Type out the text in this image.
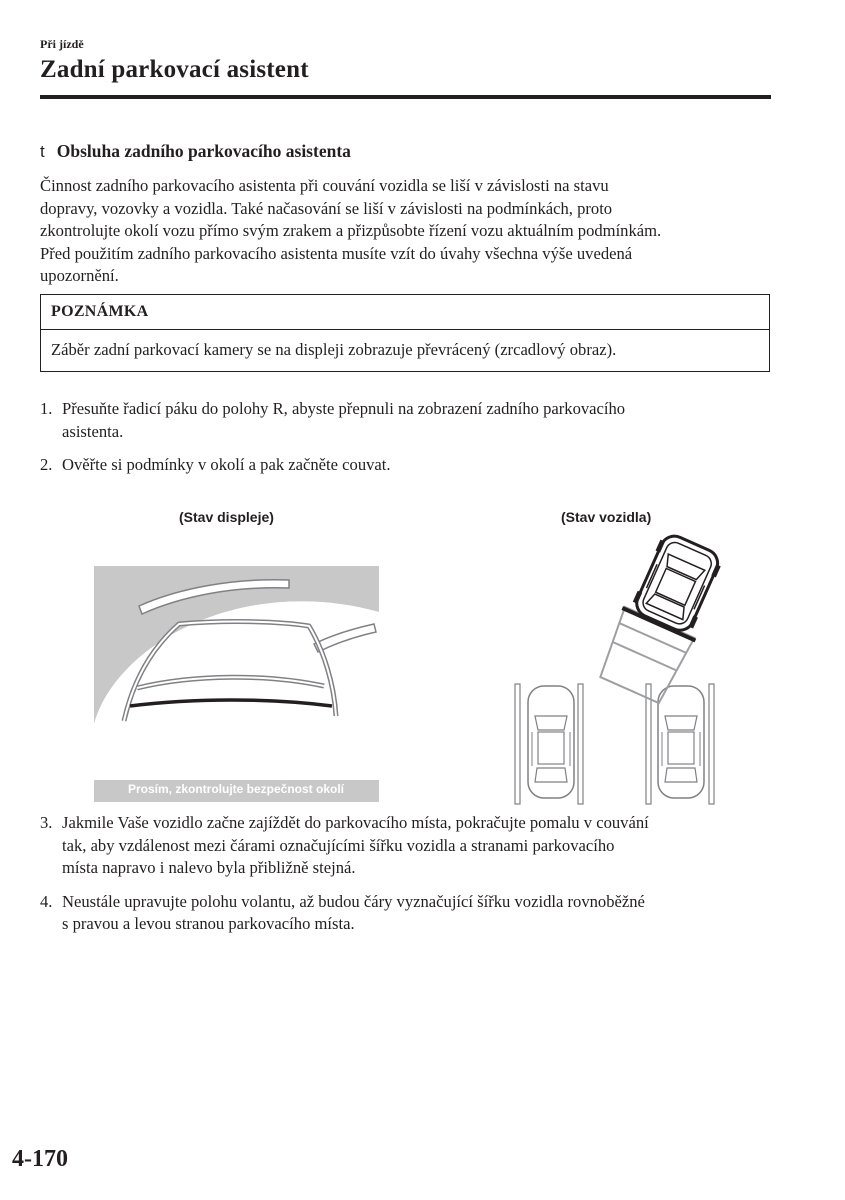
Při jízdě
Zadní parkovací asistent
t Obsluha zadního parkovacího asistenta
Činnost zadního parkovacího asistenta při couvání vozidla se liší v závislosti na stavu
dopravy, vozovky a vozidla. Také načasování se liší v závislosti na podmínkách, proto
zkontrolujte okolí vozu přímo svým zrakem a přizpůsobte řízení vozu aktuálním podmínkám.
Před použitím zadního parkovacího asistenta musíte vzít do úvahy všechna výše uvedená
upozornění.
POZNÁMKA
Záběr zadní parkovací kamery se na displeji zobrazuje převrácený (zrcadlový obraz).
1. Přesuňte řadicí páku do polohy R, abyste přepnuli na zobrazení zadního parkovacího
asistenta.
2. Ověřte si podmínky v okolí a pak začněte couvat.
(Stav displeje)	(Stav vozidla)
Prosím, zkontrolujte bezpečnost okolí
3. Jakmile Vaše vozidlo začne zajíždět do parkovacího místa, pokračujte pomalu v couvání
tak, aby vzdálenost mezi čárami označujícími šířku vozidla a stranami parkovacího
místa napravo i nalevo byla přibližně stejná.
4. Neustále upravujte polohu volantu, až budou čáry vyznačující šířku vozidla rovnoběžné
s pravou a levou stranou parkovacího místa.
4-170
